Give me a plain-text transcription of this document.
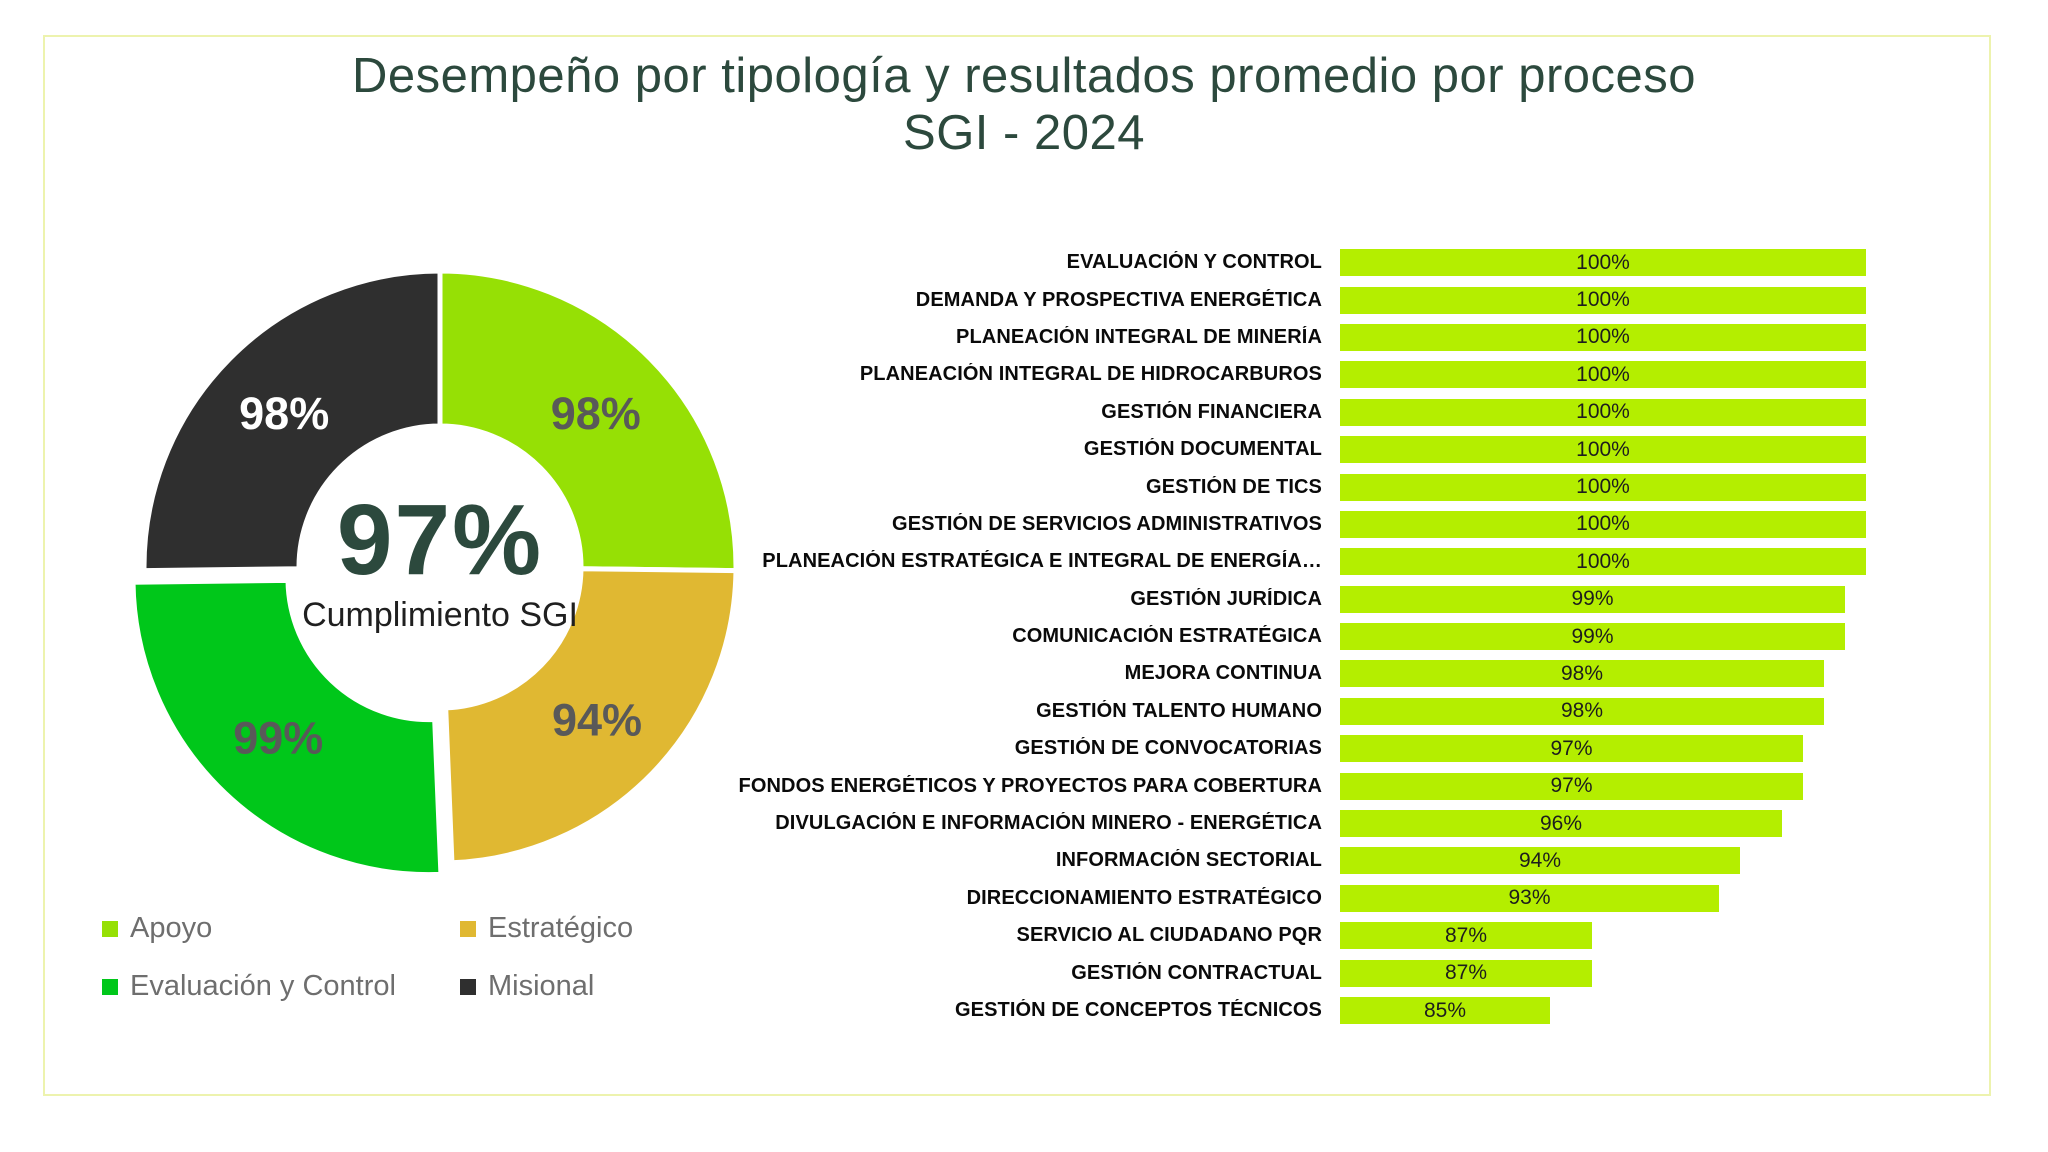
Desempeño por tipología y resultados promedio por proceso
SGI - 2024
98%
94%
99%
98%
97%
Cumplimiento SGI
Apoyo	Estratégico
Evaluación y Control	Misional
EVALUACIÓN Y CONTROL	100%
DEMANDA Y PROSPECTIVA ENERGÉTICA	100%
PLANEACIÓN INTEGRAL DE MINERÍA	100%
PLANEACIÓN INTEGRAL DE HIDROCARBUROS	100%
GESTIÓN FINANCIERA	100%
GESTIÓN DOCUMENTAL	100%
GESTIÓN DE TICS	100%
GESTIÓN DE SERVICIOS ADMINISTRATIVOS	100%
PLANEACIÓN ESTRATÉGICA E INTEGRAL DE ENERGÍA…	100%
GESTIÓN JURÍDICA	99%
COMUNICACIÓN ESTRATÉGICA	99%
MEJORA CONTINUA	98%
GESTIÓN TALENTO HUMANO	98%
GESTIÓN DE CONVOCATORIAS	97%
FONDOS ENERGÉTICOS Y PROYECTOS PARA COBERTURA	97%
DIVULGACIÓN E INFORMACIÓN MINERO - ENERGÉTICA	96%
INFORMACIÓN SECTORIAL	94%
DIRECCIONAMIENTO ESTRATÉGICO	93%
SERVICIO AL CIUDADANO PQR	87%
GESTIÓN CONTRACTUAL	87%
GESTIÓN DE CONCEPTOS TÉCNICOS	85%
